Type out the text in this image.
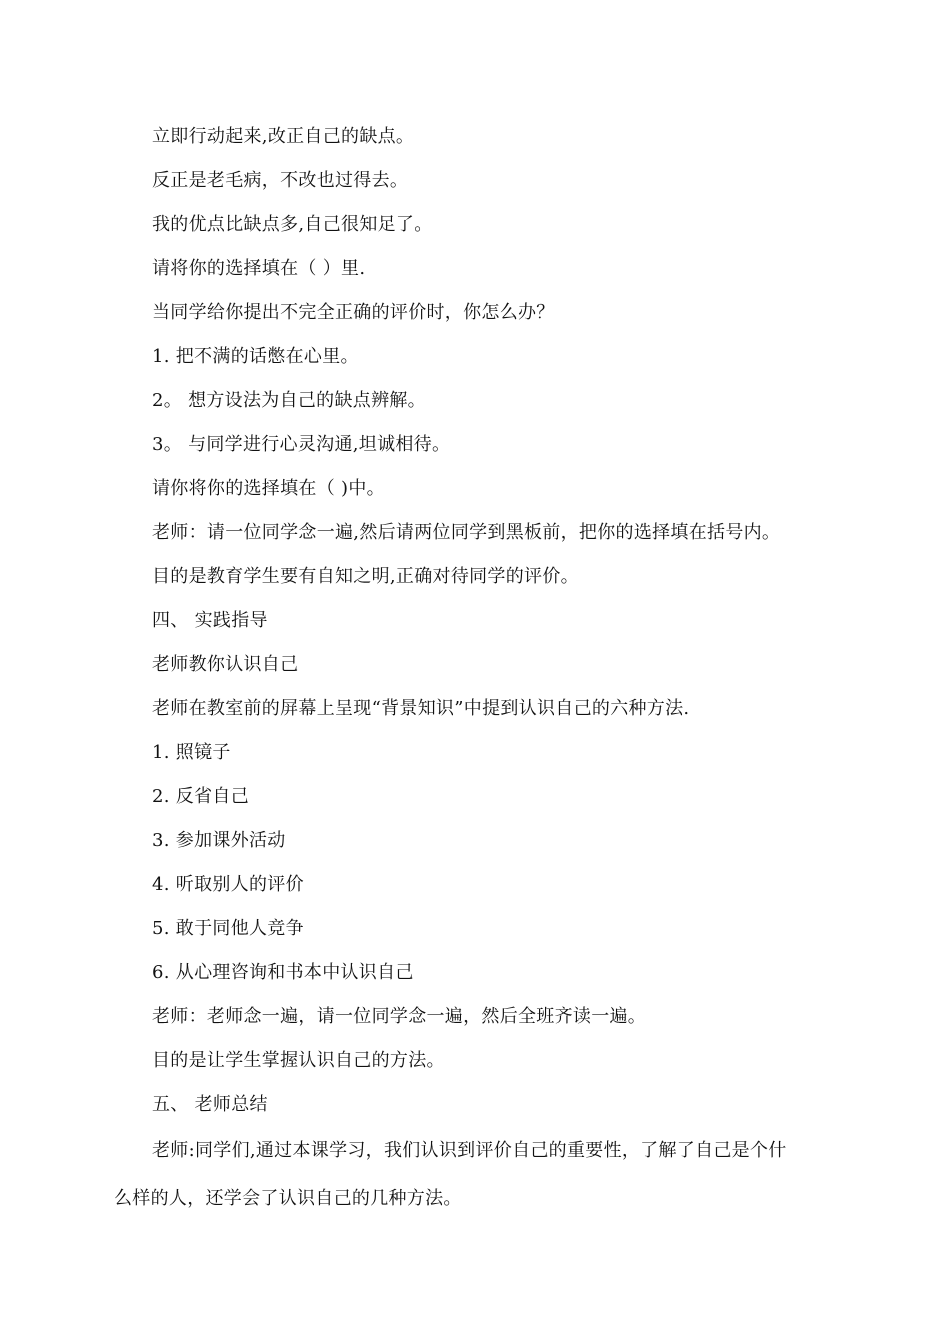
立即行动起来,改正自己的缺点。
反正是老毛病，不改也过得去。
我的优点比缺点多,自己很知足了。
请将你的选择填在（ ）里.
当同学给你提出不完全正确的评价时，你怎么办？
1. 把不满的话憋在心里。
2。 想方设法为自己的缺点辨解。
3。 与同学进行心灵沟通,坦诚相待。
请你将你的选择填在（ )中。
老师：请一位同学念一遍,然后请两位同学到黑板前，把你的选择填在括号内。
目的是教育学生要有自知之明,正确对待同学的评价。
四、 实践指导
老师教你认识自己
老师在教室前的屏幕上呈现“背景知识”中提到认识自己的六种方法.
1. 照镜子
2. 反省自己
3. 参加课外活动
4. 听取别人的评价
5. 敢于同他人竞争
6. 从心理咨询和书本中认识自己
老师：老师念一遍，请一位同学念一遍，然后全班齐读一遍。
目的是让学生掌握认识自己的方法。
五、 老师总结
老师:同学们,通过本课学习，我们认识到评价自己的重要性，了解了自己是个什
么样的人，还学会了认识自己的几种方法。
